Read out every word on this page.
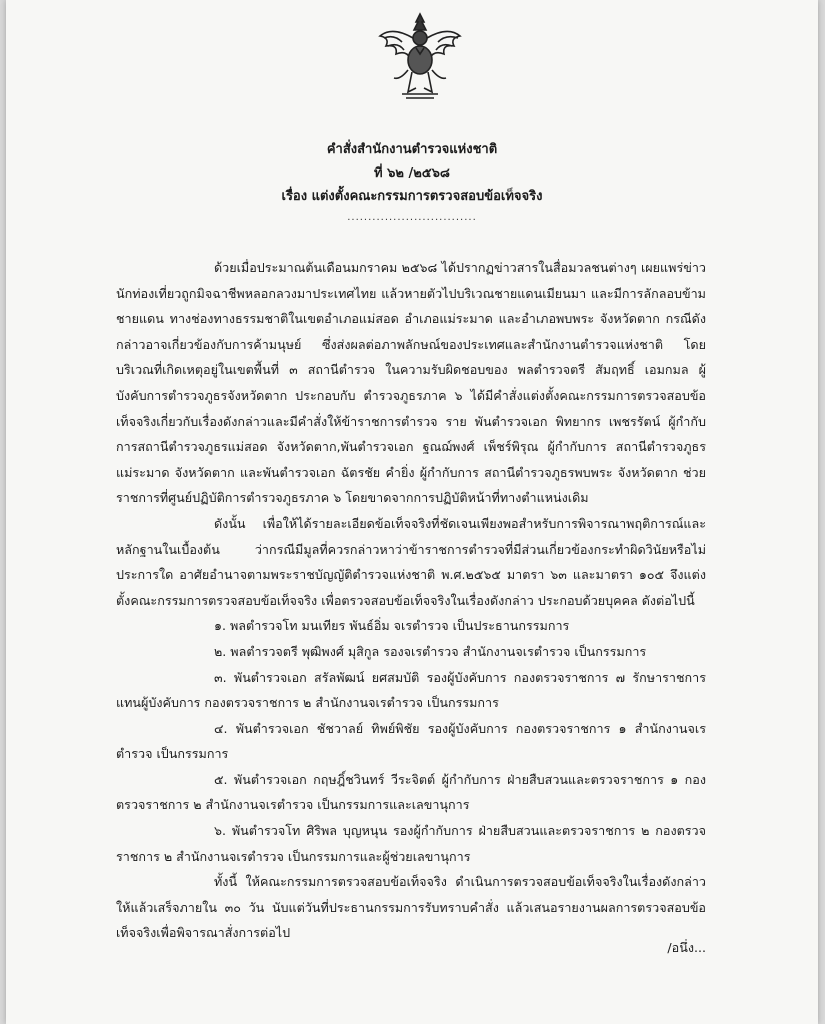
คำสั่งสำนักงานตำรวจแห่งชาติ
ที่ ๖๒ /๒๕๖๘
เรื่อง แต่งตั้งคณะกรรมการตรวจสอบข้อเท็จจริง
...............................

ด้วยเมื่อประมาณต้นเดือนมกราคม ๒๕๖๘ ได้ปรากฏข่าวสารในสื่อมวลชนต่างๆ เผยแพร่ข่าวนักท่องเที่ยวถูกมิจฉาชีพหลอกลวงมาประเทศไทย แล้วหายตัวไปบริเวณชายแดนเมียนมา และมีการลักลอบข้ามชายแดน ทางช่องทางธรรมชาติในเขตอำเภอแม่สอด อำเภอแม่ระมาด และอำเภอพบพระ จังหวัดตาก กรณีดังกล่าวอาจเกี่ยวข้องกับการค้ามนุษย์ ซึ่งส่งผลต่อภาพลักษณ์ของประเทศและสำนักงานตำรวจแห่งชาติ โดยบริเวณที่เกิดเหตุอยู่ในเขตพื้นที่ ๓ สถานีตำรวจ ในความรับผิดชอบของ พลตำรวจตรี สัมฤทธิ์ เอมกมล ผู้บังคับการตำรวจภูธรจังหวัดตาก ประกอบกับ ตำรวจภูธรภาค ๖ ได้มีคำสั่งแต่งตั้งคณะกรรมการตรวจสอบข้อเท็จจริงเกี่ยวกับเรื่องดังกล่าวและมีคำสั่งให้ข้าราชการตำรวจ ราย พันตำรวจเอก พิทยากร เพชรรัตน์ ผู้กำกับการสถานีตำรวจภูธรแม่สอด จังหวัดตาก,พันตำรวจเอก ฐณฌ์พงศ์ เพ็ชร์พิรุณ ผู้กำกับการ สถานีตำรวจภูธรแม่ระมาด จังหวัดตาก และพันตำรวจเอก ฉัตรชัย คำยิ่ง ผู้กำกับการ สถานีตำรวจภูธรพบพระ จังหวัดตาก ช่วยราชการที่ศูนย์ปฏิบัติการตำรวจภูธรภาค ๖ โดยขาดจากการปฏิบัติหน้าที่ทางตำแหน่งเดิม

ดังนั้น เพื่อให้ได้รายละเอียดข้อเท็จจริงที่ชัดเจนเพียงพอสำหรับการพิจารณาพฤติการณ์และหลักฐานในเบื้องต้น ว่ากรณีมีมูลที่ควรกล่าวหาว่าข้าราชการตำรวจที่มีส่วนเกี่ยวข้องกระทำผิดวินัยหรือไม่ประการใด อาศัยอำนาจตามพระราชบัญญัติตำรวจแห่งชาติ พ.ศ.๒๕๖๕ มาตรา ๖๓ และมาตรา ๑๐๕ จึงแต่งตั้งคณะกรรมการตรวจสอบข้อเท็จจริง เพื่อตรวจสอบข้อเท็จจริงในเรื่องดังกล่าว ประกอบด้วยบุคคล ดังต่อไปนี้

๑. พลตำรวจโท มนเทียร พันธ์อิ่ม จเรตำรวจ เป็นประธานกรรมการ

๒. พลตำรวจตรี พุฒิพงศ์ มุสิกูล รองจเรตำรวจ สำนักงานจเรตำรวจ เป็นกรรมการ

๓. พันตำรวจเอก สรัลพัฒน์ ยศสมบัติ รองผู้บังคับการ กองตรวจราชการ ๗ รักษาราชการแทนผู้บังคับการ กองตรวจราชการ ๒ สำนักงานจเรตำรวจ เป็นกรรมการ

๔. พันตำรวจเอก ชัชวาลย์ ทิพย์พิชัย รองผู้บังคับการ กองตรวจราชการ ๑ สำนักงานจเรตำรวจ เป็นกรรมการ

๕. พันตำรวจเอก กฤษฎิ์ชวินทร์ วีระจิตต์ ผู้กำกับการ ฝ่ายสืบสวนและตรวจราชการ ๑ กองตรวจราชการ ๒ สำนักงานจเรตำรวจ เป็นกรรมการและเลขานุการ

๖. พันตำรวจโท ศิริพล บุญหนุน รองผู้กำกับการ ฝ่ายสืบสวนและตรวจราชการ ๒ กองตรวจราชการ ๒ สำนักงานจเรตำรวจ เป็นกรรมการและผู้ช่วยเลขานุการ

ทั้งนี้ ให้คณะกรรมการตรวจสอบข้อเท็จจริง ดำเนินการตรวจสอบข้อเท็จจริงในเรื่องดังกล่าว ให้แล้วเสร็จภายใน ๓๐ วัน นับแต่วันที่ประธานกรรมการรับทราบคำสั่ง แล้วเสนอรายงานผลการตรวจสอบข้อเท็จจริงเพื่อพิจารณาสั่งการต่อไป

/อนึ่ง...
